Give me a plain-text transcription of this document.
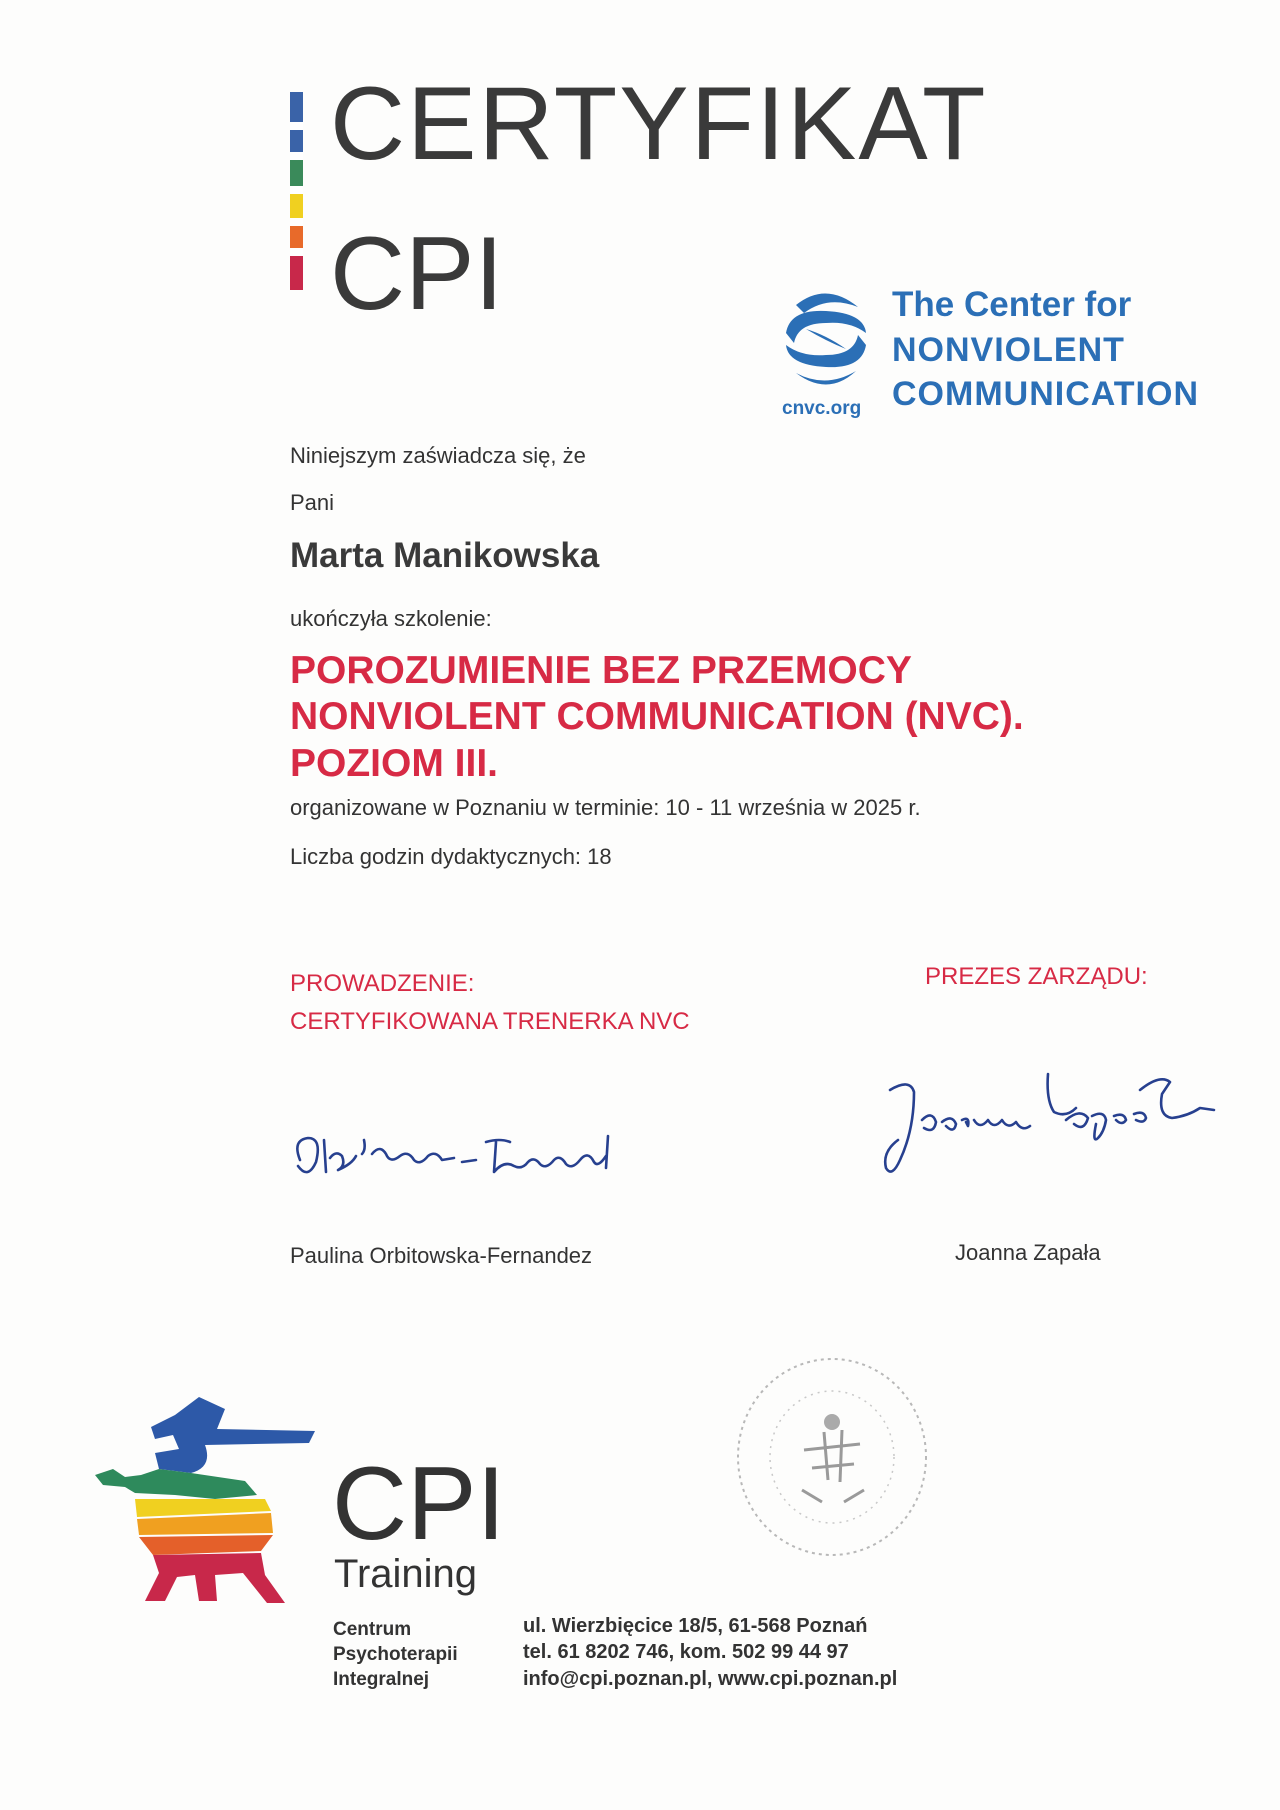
CERTYFIKAT
CPI
cnvc.org
The Center for
NONVIOLENT
COMMUNICATION
Niniejszym zaświadcza się, że
Pani
Marta Manikowska
ukończyła szkolenie:
POROZUMIENIE BEZ PRZEMOCY
NONVIOLENT COMMUNICATION (NVC).
POZIOM III.
organizowane w Poznaniu w terminie: 10 - 11 września w 2025 r.
Liczba godzin dydaktycznych: 18
PROWADZENIE:
CERTYFIKOWANA TRENERKA NVC
PREZES ZARZĄDU:
Paulina Orbitowska-Fernandez	Joanna Zapała
CPI
Training
Centrum
Psychoterapii
Integralnej
ul. Wierzbięcice 18/5, 61-568 Poznań
tel. 61 8202 746, kom. 502 99 44 97
info@cpi.poznan.pl, www.cpi.poznan.pl
